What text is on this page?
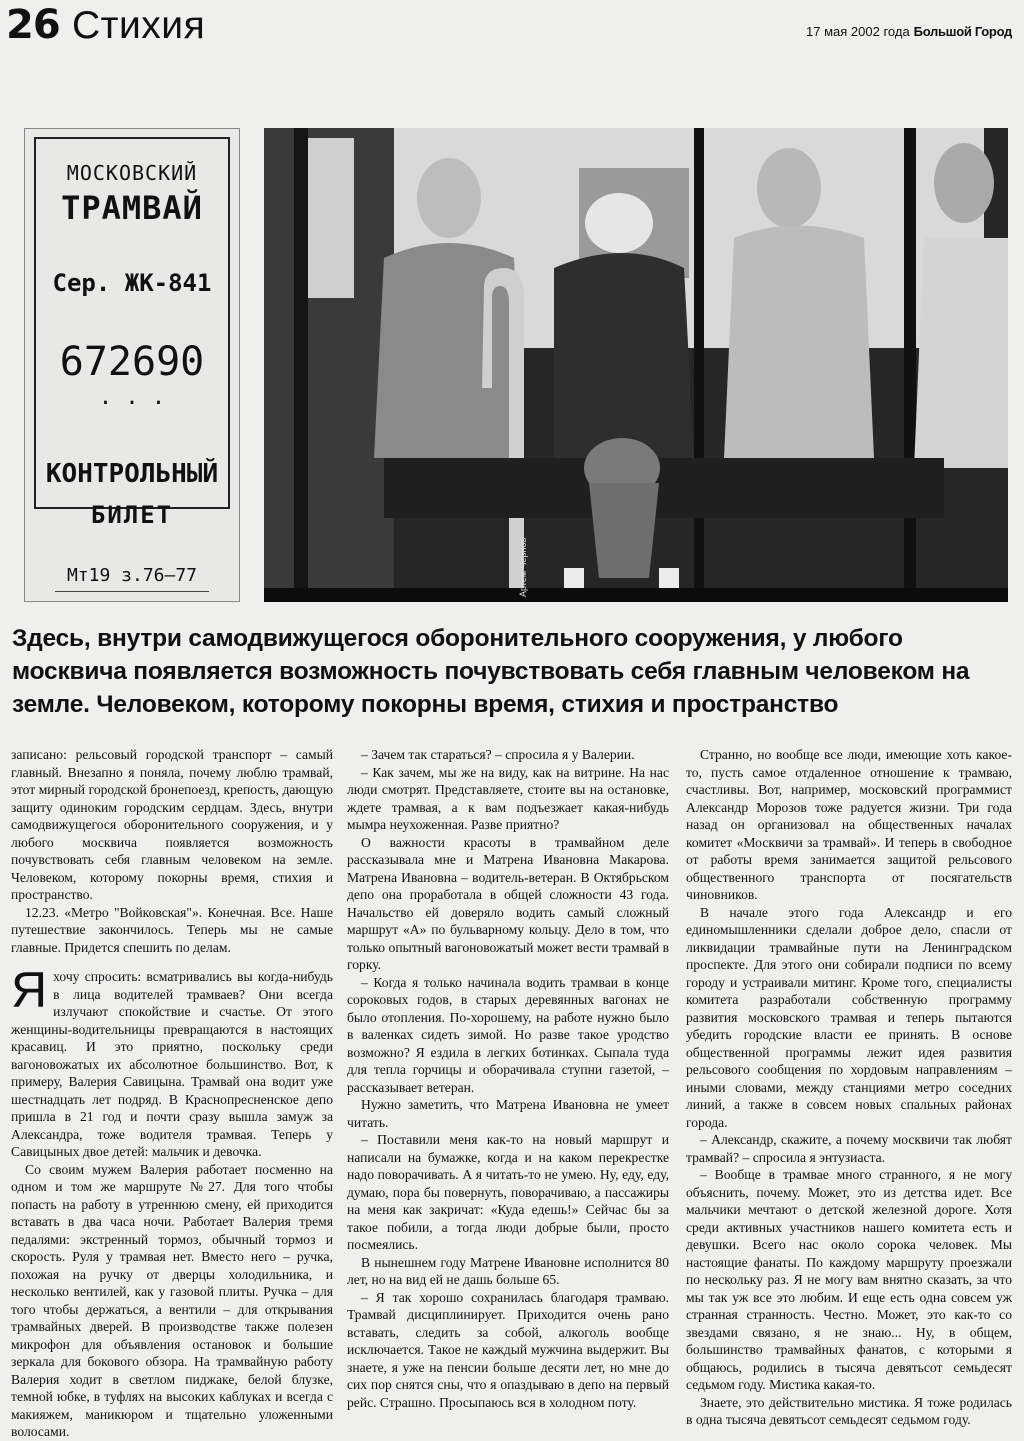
26 Стихия	17 мая 2002 года Большой Город
МОСКОВСКИЙ
ТРАМВАЙ
Сер. ЖК-841
672690
· · ·
КОНТРОЛЬНЫЙ
БИЛЕТ
Мт19 з.76—77	Артем Чернов
Здесь, внутри самодвижущегося оборонительного сооружения, у любого москвича появляется возможность почувствовать себя главным человеком на земле. Человеком, которому покорны время, стихия и пространство

записано: рельсовый городской транспорт – самый главный. Внезапно я поняла, почему люблю трамвай, этот мирный городской бронепоезд, крепость, дающую защиту одиноким городским сердцам. Здесь, внутри самодвижущегося оборонительного сооружения, и у любого москвича появляется возможность почувствовать себя главным человеком на земле. Человеком, которому покорны время, стихия и пространство.

12.23. «Метро "Войковская"». Конечная. Все. Наше путешествие закончилось. Теперь мы не самые главные. Придется спешить по делам.

Я хочу спросить: всматривались вы когда-нибудь в лица водителей трамваев? Они всегда излучают спокойствие и счастье. От этого женщины-водительницы превращаются в настоящих красавиц. И это приятно, поскольку среди вагоновожатых их абсолютное большинство. Вот, к примеру, Валерия Савицына. Трамвай она водит уже шестнадцать лет подряд. В Краснопресненское депо пришла в 21 год и почти сразу вышла замуж за Александра, тоже водителя трамвая. Теперь у Савицыных двое детей: мальчик и девочка.

Со своим мужем Валерия работает посменно на одном и том же маршруте №27. Для того чтобы попасть на работу в утреннюю смену, ей приходится вставать в два часа ночи. Работает Валерия тремя педалями: экстренный тормоз, обычный тормоз и скорость. Руля у трамвая нет. Вместо него – ручка, похожая на ручку от дверцы холодильника, и несколько вентилей, как у газовой плиты. Ручка – для того чтобы держаться, а вентили – для открывания трамвайных дверей. В производстве также полезен микрофон для объявления остановок и большие зеркала для бокового обзора. На трамвайную работу Валерия ходит в светлом пиджаке, белой блузке, темной юбке, в туфлях на высоких каблуках и всегда с макияжем, маникюром и тщательно уложенными волосами.

– Зачем так стараться? – спросила я у Валерии.

– Как зачем, мы же на виду, как на витрине. На нас люди смотрят. Представляете, стоите вы на остановке, ждете трамвая, а к вам подъезжает какая-нибудь мымра неухоженная. Разве приятно?

О важности красоты в трамвайном деле рассказывала мне и Матрена Ивановна Макарова. Матрена Ивановна – водитель-ветеран. В Октябрьском депо она проработала в общей сложности 43 года. Начальство ей доверяло водить самый сложный маршрут «А» по бульварному кольцу. Дело в том, что только опытный вагоновожатый может вести трамвай в горку.

– Когда я только начинала водить трамваи в конце сороковых годов, в старых деревянных вагонах не было отопления. По-хорошему, на работе нужно было в валенках сидеть зимой. Но разве такое уродство возможно? Я ездила в легких ботинках. Сыпала туда для тепла горчицы и оборачивала ступни газетой, – рассказывает ветеран.

Нужно заметить, что Матрена Ивановна не умеет читать.

– Поставили меня как-то на новый маршрут и написали на бумажке, когда и на каком перекрестке надо поворачивать. А я читать-то не умею. Ну, еду, еду, думаю, пора бы повернуть, поворачиваю, а пассажиры на меня как закричат: «Куда едешь!» Сейчас бы за такое побили, а тогда люди добрые были, просто посмеялись.

В нынешнем году Матрене Ивановне исполнится 80 лет, но на вид ей не дашь больше 65.

– Я так хорошо сохранилась благодаря трамваю. Трамвай дисциплинирует. Приходится очень рано вставать, следить за собой, алкоголь вообще исключается. Такое не каждый мужчина выдержит. Вы знаете, я уже на пенсии больше десяти лет, но мне до сих пор снятся сны, что я опаздываю в депо на первый рейс. Страшно. Просыпаюсь вся в холодном поту.

Странно, но вообще все люди, имеющие хоть какое-то, пусть самое отдаленное отношение к трамваю, счастливы. Вот, например, московский программист Александр Морозов тоже радуется жизни. Три года назад он организовал на общественных началах комитет «Москвичи за трамвай». И теперь в свободное от работы время занимается защитой рельсового общественного транспорта от посягательств чиновников.

В начале этого года Александр и его единомышленники сделали доброе дело, спасли от ликвидации трамвайные пути на Ленинградском проспекте. Для этого они собирали подписи по всему городу и устраивали митинг. Кроме того, специалисты комитета разработали собственную программу развития московского трамвая и теперь пытаются убедить городские власти ее принять. В основе общественной программы лежит идея развития рельсового сообщения по хордовым направлениям – иными словами, между станциями метро соседних линий, а также в совсем новых спальных районах города.

– Александр, скажите, а почему москвичи так любят трамвай? – спросила я энтузиаста.

– Вообще в трамвае много странного, я не могу объяснить, почему. Может, это из детства идет. Все мальчики мечтают о детской железной дороге. Хотя среди активных участников нашего комитета есть и девушки. Всего нас около сорока человек. Мы настоящие фанаты. По каждому маршруту проезжали по нескольку раз. Я не могу вам внятно сказать, за что мы так уж все это любим. И еще есть одна совсем уж странная странность. Честно. Может, это как-то со звездами связано, я не знаю... Ну, в общем, большинство трамвайных фанатов, с которыми я общаюсь, родились в тысяча девятьсот семьдесят седьмом году. Мистика какая-то.

Знаете, это действительно мистика. Я тоже родилась в одна тысяча девятьсот семьдесят седьмом году.
